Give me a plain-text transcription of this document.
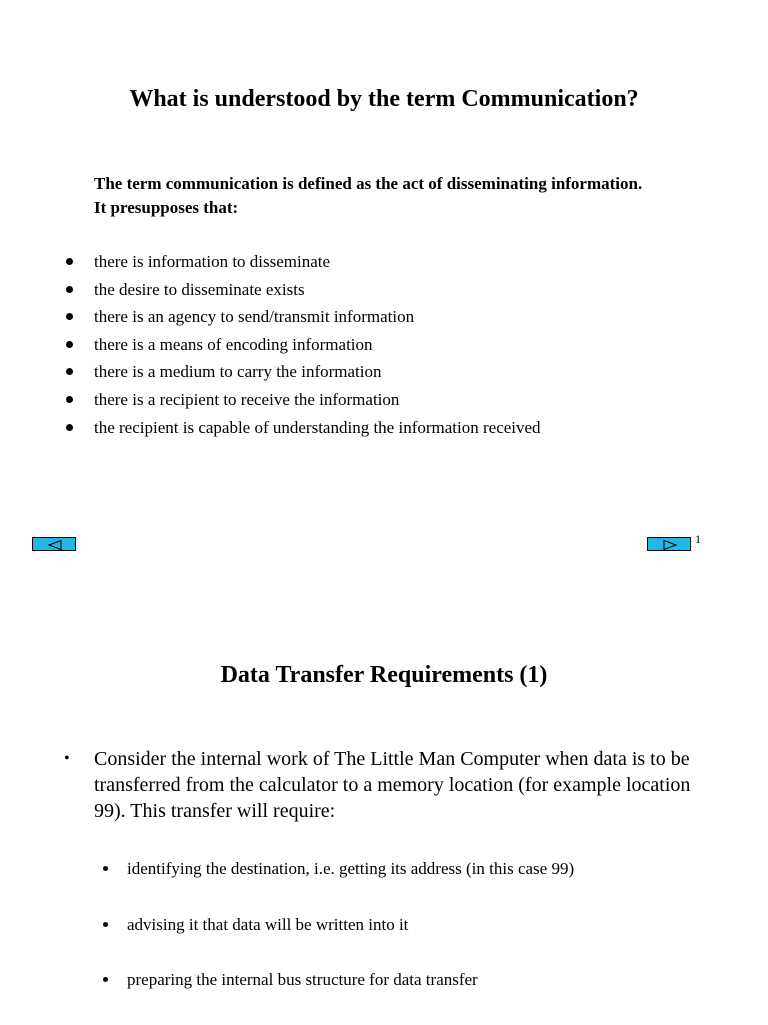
What is understood by the term Communication?

The term communication is defined as the act of disseminating information. It presupposes that:

there is information to disseminate
the desire to disseminate exists
there is an agency to send/transmit information
there is a means of encoding information
there is a medium to carry the information
there is a recipient to receive the information
the recipient is capable of understanding the information received
1
Data Transfer Requirements (1)
•	Consider the internal work of The Little Man Computer when data is to be transferred from the calculator to a memory location (for example location 99). This transfer will require:
identifying the destination, i.e. getting its address (in this case 99)
advising it that data will be written into it
preparing the internal bus structure for data transfer
